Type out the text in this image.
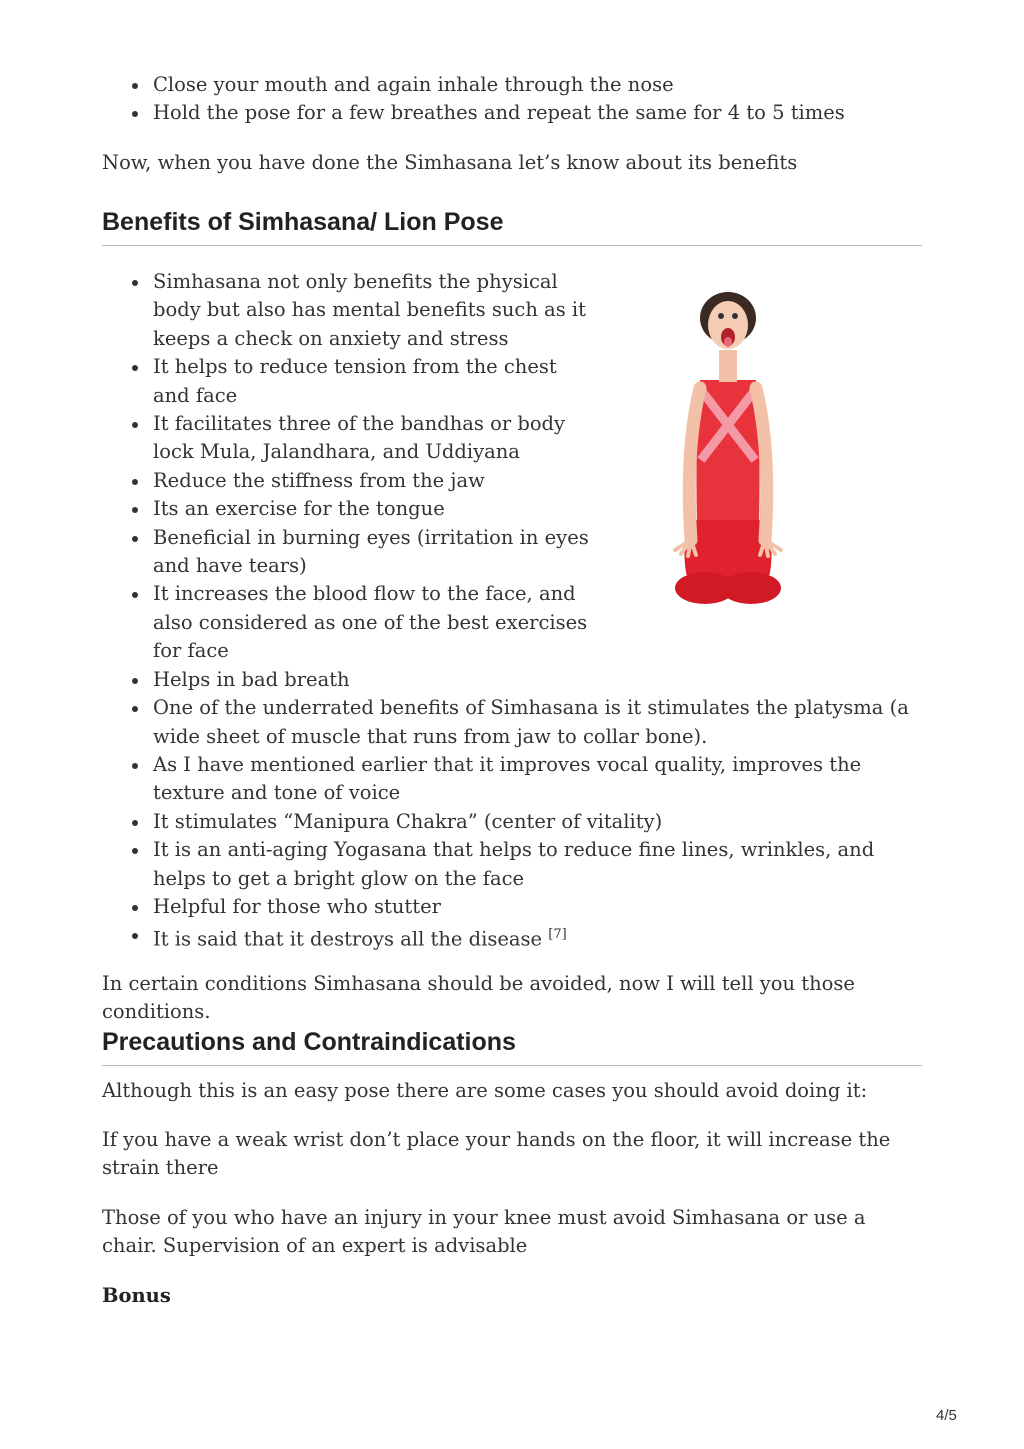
Close your mouth and again inhale through the nose
Hold the pose for a few breathes and repeat the same for 4 to 5 times

Now, when you have done the Simhasana let’s know about its benefits

Benefits of Simhasana/ Lion Pose
Simhasana not only benefits the physical body but also has mental benefits such as it keeps a check on anxiety and stress
It helps to reduce tension from the chest and face
It facilitates three of the bandhas or body lock Mula, Jalandhara, and Uddiyana
Reduce the stiffness from the jaw
Its an exercise for the tongue
Beneficial in burning eyes (irritation in eyes and have tears)
It increases the blood flow to the face, and also considered as one of the best exercises for face
Helps in bad breath
One of the underrated benefits of Simhasana is it stimulates the platysma (a wide sheet of muscle that runs from jaw to collar bone).
As I have mentioned earlier that it improves vocal quality, improves the texture and tone of voice
It stimulates “Manipura Chakra” (center of vitality)
It is an anti-aging Yogasana that helps to reduce fine lines, wrinkles, and helps to get a bright glow on the face
Helpful for those who stutter
It is said that it destroys all the disease [7]

In certain conditions Simhasana should be avoided, now I will tell you those conditions.

Precautions and Contraindications

Although this is an easy pose there are some cases you should avoid doing it:

If you have a weak wrist don’t place your hands on the floor, it will increase the strain there

Those of you who have an injury in your knee must avoid Simhasana or use a chair. Supervision of an expert is advisable

Bonus

4/5
